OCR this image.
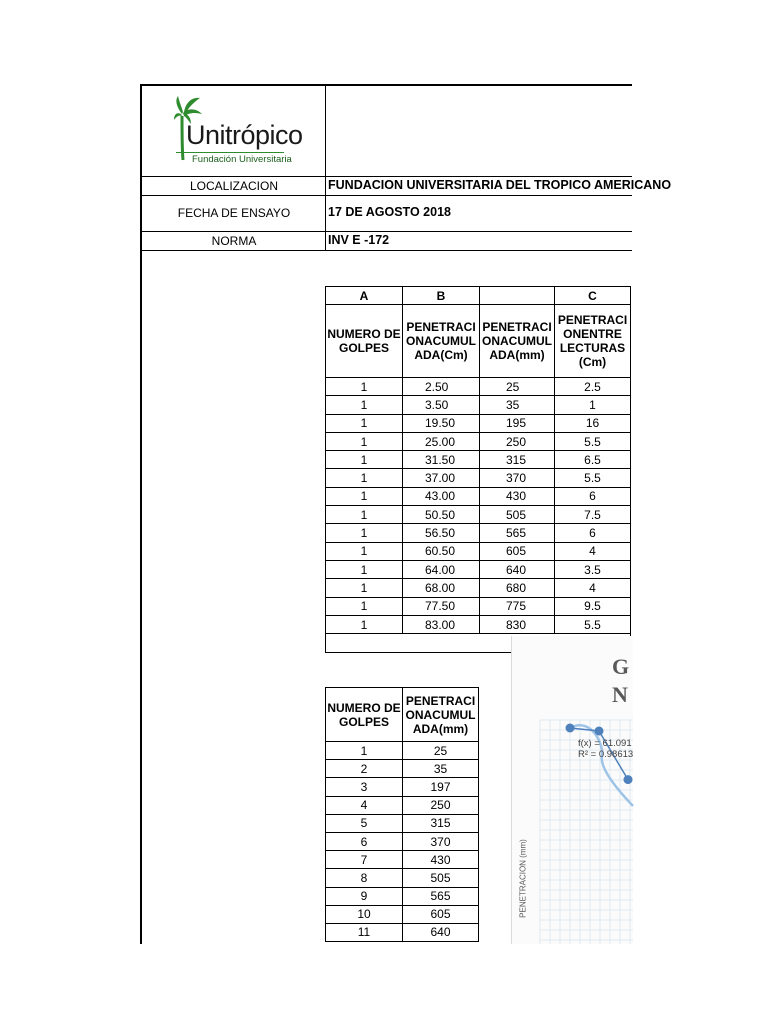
Unitrópico
Fundación Universitaria
LOCALIZACION	FUNDACION UNIVERSITARIA DEL TROPICO AMERICANO
FECHA DE ENSAYO	17 DE AGOSTO 2018
NORMA	INV E -172
A	B		C
NUMERO DE GOLPES	PENETRACI ONACUMUL ADA(Cm)	PENETRACI ONACUMUL ADA(mm)	PENETRACI ONENTRE LECTURAS (Cm)
1	2.50	25	2.5
1	3.50	35	1
1	19.50	195	16
1	25.00	250	5.5
1	31.50	315	6.5
1	37.00	370	5.5
1	43.00	430	6
1	50.50	505	7.5
1	56.50	565	6
1	60.50	605	4
1	64.00	640	3.5
1	68.00	680	4
1	77.50	775	9.5
1	83.00	830	5.5

NUMERO DE GOLPES	PENETRACI ONACUMUL ADA(mm)
1	25
2	35
3	197
4	250
5	315
6	370
7	430
8	505
9	565
10	605
11	640
G
N
f(x) = 61.091
R² = 0.98613
PENETRACION (mm)
